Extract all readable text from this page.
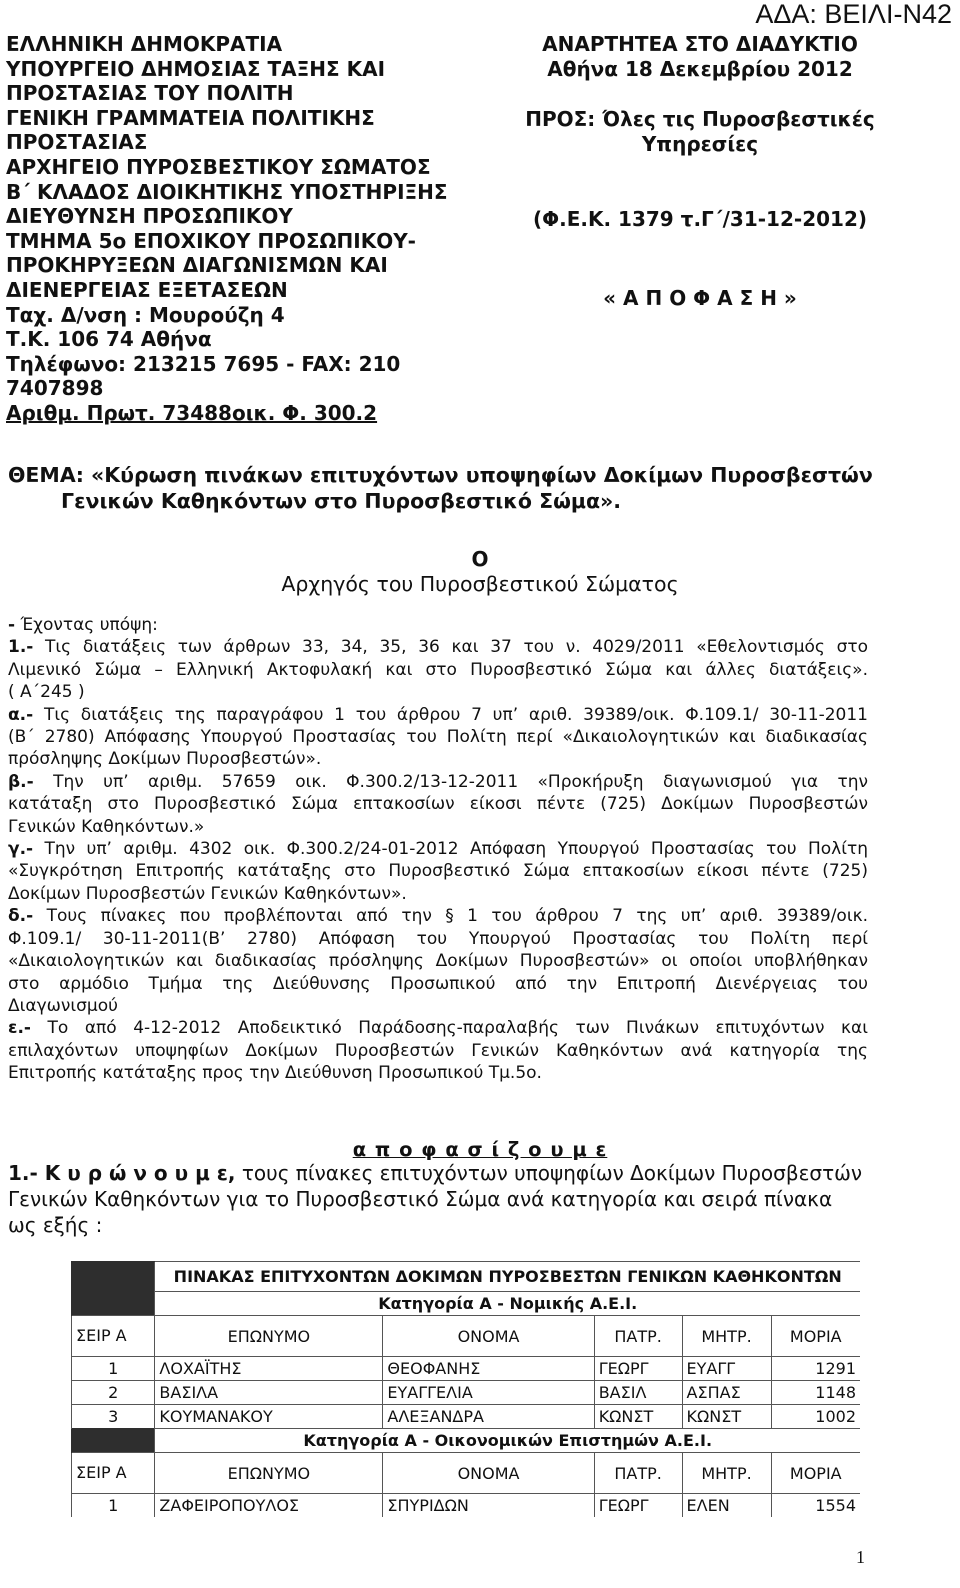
ΑΔΑ: ΒΕΙΛΙ-Ν42
ΕΛΛΗΝΙΚΗ ΔΗΜΟΚΡΑΤΙΑ
ΥΠΟΥΡΓΕΙΟ ΔΗΜΟΣΙΑΣ ΤΑΞΗΣ ΚΑΙ
ΠΡΟΣΤΑΣΙΑΣ ΤΟΥ ΠΟΛΙΤΗ
ΓΕΝΙΚΗ ΓΡΑΜΜΑΤΕΙΑ ΠΟΛΙΤΙΚΗΣ
ΠΡΟΣΤΑΣΙΑΣ
ΑΡΧΗΓΕΙΟ ΠΥΡΟΣΒΕΣΤΙΚΟΥ ΣΩΜΑΤΟΣ
Β΄ ΚΛΑΔΟΣ ΔΙΟΙΚΗΤΙΚΗΣ ΥΠΟΣΤΗΡΙΞΗΣ
ΔΙΕΥΘΥΝΣΗ ΠΡΟΣΩΠΙΚΟΥ
ΤΜΗΜΑ 5ο ΕΠΟΧΙΚΟΥ ΠΡΟΣΩΠΙΚΟΥ-
ΠΡΟΚΗΡΥΞΕΩΝ ΔΙΑΓΩΝΙΣΜΩΝ ΚΑΙ
ΔΙΕΝΕΡΓΕΙΑΣ ΕΞΕΤΑΣΕΩΝ
Ταχ. Δ/νση : Μουρούζη 4
Τ.Κ. 106 74 Αθήνα
Τηλέφωνο: 213215 7695 - FAX: 210
7407898
Αριθμ. Πρωτ. 73488οικ. Φ. 300.2
ΑΝΑΡΤΗΤΕΑ ΣΤΟ ΔΙΑΔΥΚΤΙΟ
Αθήνα 18 Δεκεμβρίου 2012
ΠΡΟΣ: Όλες τις Πυροσβεστικές
Υπηρεσίες
(Φ.Ε.Κ. 1379 τ.Γ΄/31-12-2012)
« Α Π Ο Φ Α Σ Η »
ΘΕΜΑ: «Κύρωση πινάκων επιτυχόντων υποψηφίων Δοκίμων Πυροσβεστών
Γενικών Καθηκόντων στο Πυροσβεστικό Σώμα».
Ο
Αρχηγός του Πυροσβεστικού Σώματος
- Έχοντας υπόψη:
1.- Τις διατάξεις των άρθρων 33, 34, 35, 36 και 37 του ν. 4029/2011 «Εθελοντισμός στο
Λιμενικό Σώμα – Ελληνική Ακτοφυλακή και στο Πυροσβεστικό Σώμα και άλλες διατάξεις».
( Α΄245 )
α.- Τις διατάξεις της παραγράφου 1 του άρθρου 7 υπ’ αριθ. 39389/οικ. Φ.109.1/ 30-11-2011
(Β΄ 2780) Απόφασης Υπουργού Προστασίας του Πολίτη περί «Δικαιολογητικών και διαδικασίας
πρόσληψης Δοκίμων Πυροσβεστών».
β.- Την υπ’ αριθμ. 57659 οικ. Φ.300.2/13-12-2011 «Προκήρυξη διαγωνισμού για την
κατάταξη στο Πυροσβεστικό Σώμα επτακοσίων είκοσι πέντε (725) Δοκίμων Πυροσβεστών
Γενικών Καθηκόντων.»
γ.- Την υπ’ αριθμ. 4302 οικ. Φ.300.2/24-01-2012 Απόφαση Υπουργού Προστασίας του Πολίτη
«Συγκρότηση Επιτροπής κατάταξης στο Πυροσβεστικό Σώμα επτακοσίων είκοσι πέντε (725)
Δοκίμων Πυροσβεστών Γενικών Καθηκόντων».
δ.- Τους πίνακες που προβλέπονται από την § 1 του άρθρου 7 της υπ’ αριθ. 39389/οικ.
Φ.109.1/ 30-11-2011(Β’ 2780) Απόφαση του Υπουργού Προστασίας του Πολίτη περί
«Δικαιολογητικών και διαδικασίας πρόσληψης Δοκίμων Πυροσβεστών» οι οποίοι υποβλήθηκαν
στο αρμόδιο Τμήμα της Διεύθυνσης Προσωπικού από την Επιτροπή Διενέργειας του
Διαγωνισμού
ε.- Το από 4-12-2012 Αποδεικτικό Παράδοσης-παραλαβής των Πινάκων επιτυχόντων και
επιλαχόντων υποψηφίων Δοκίμων Πυροσβεστών Γενικών Καθηκόντων ανά κατηγορία της
Επιτροπής κατάταξης προς την Διεύθυνση Προσωπικού Τμ.5ο.
α π ο φ α σ ί ζ ο υ μ ε
1.- Κ υ ρ ώ ν ο υ μ ε, τους πίνακες επιτυχόντων υποψηφίων Δοκίμων Πυροσβεστών
Γενικών Καθηκόντων για το Πυροσβεστικό Σώμα ανά κατηγορία και σειρά πίνακα
ως εξής :
	ΠΙΝΑΚΑΣ ΕΠΙΤΥΧΟΝΤΩΝ ΔΟΚΙΜΩΝ ΠΥΡΟΣΒΕΣΤΩΝ ΓΕΝΙΚΩΝ ΚΑΘΗΚΟΝΤΩΝ				
	Κατηγορία Α - Νομικής Α.Ε.Ι.				
ΣΕΙΡ Α	ΕΠΩΝΥΜΟ	ΟΝΟΜΑ	ΠΑΤΡ.	ΜΗΤΡ.	ΜΟΡΙΑ
1	ΛΟΧΑΪΤΗΣ	ΘΕΟΦΑΝΗΣ	ΓΕΩΡΓ	ΕΥΑΓΓ	1291
2	ΒΑΣΙΛΑ	ΕΥΑΓΓΕΛΙΑ	ΒΑΣΙΛ	ΑΣΠΑΣ	1148
3	ΚΟΥΜΑΝΑΚΟΥ	ΑΛΕΞΑΝΔΡΑ	ΚΩΝΣΤ	ΚΩΝΣΤ	1002
	Κατηγορία Α - Οικονομικών Επιστημών Α.Ε.Ι.				
ΣΕΙΡ Α	ΕΠΩΝΥΜΟ	ΟΝΟΜΑ	ΠΑΤΡ.	ΜΗΤΡ.	ΜΟΡΙΑ
1	ΖΑΦΕΙΡΟΠΟΥΛΟΣ	ΣΠΥΡΙΔΩΝ	ΓΕΩΡΓ	ΕΛΕΝ	1554
1
